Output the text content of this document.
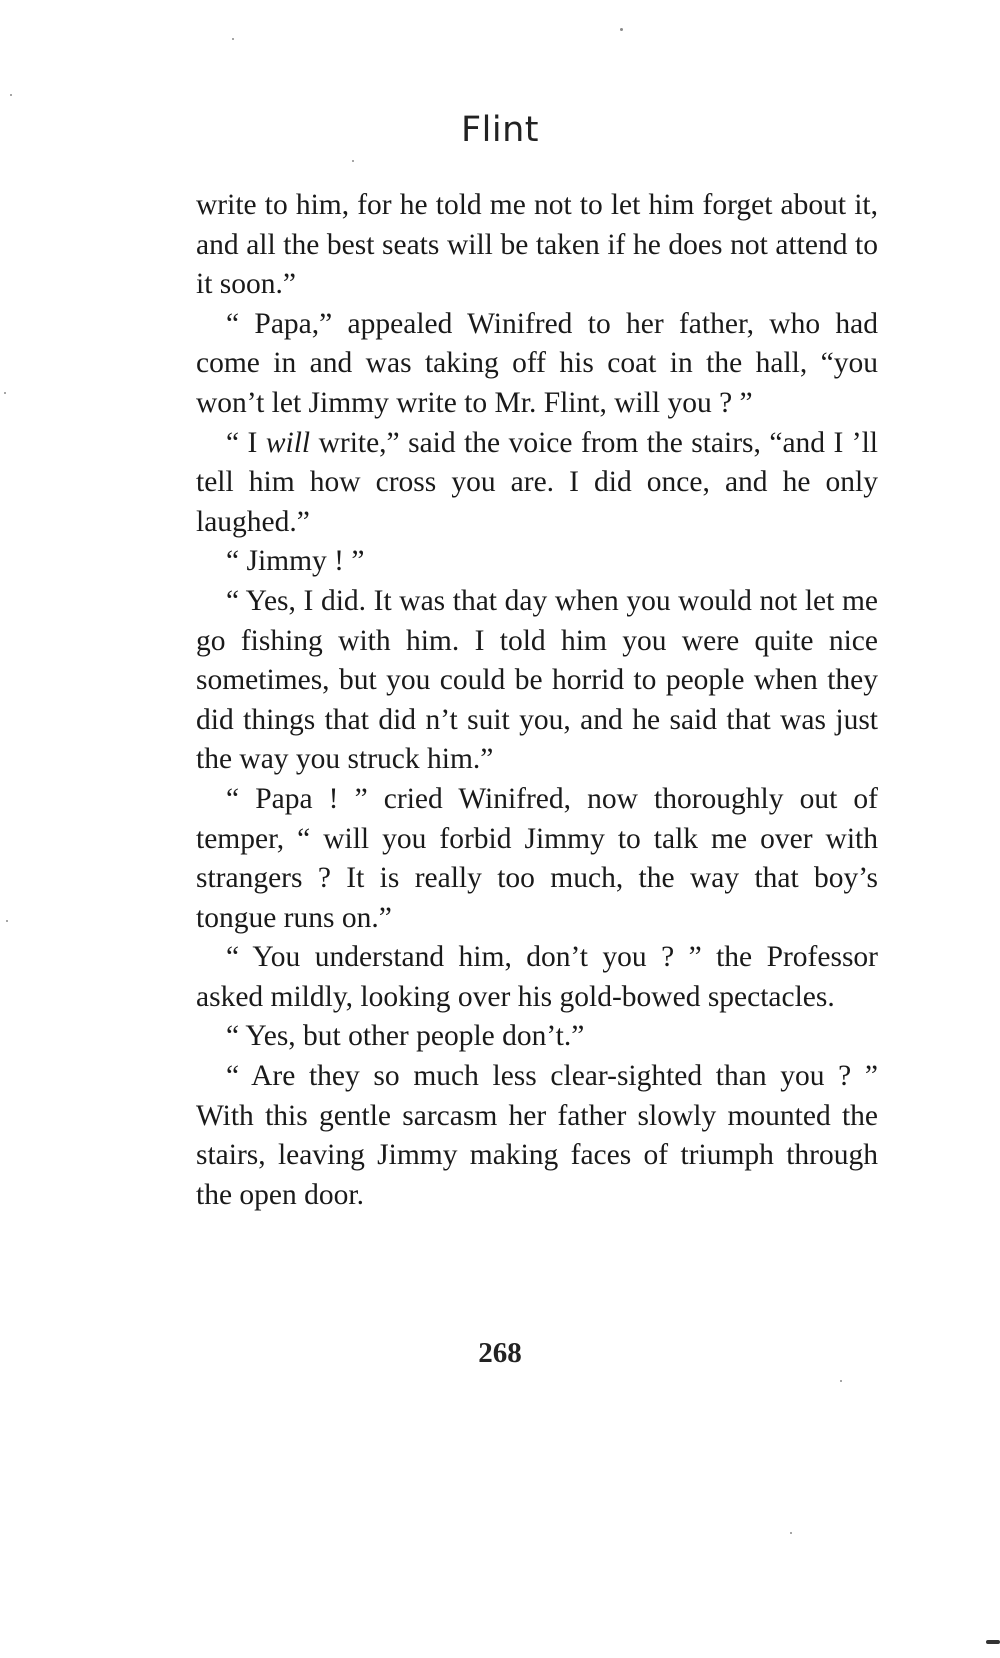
Flint

write to him, for he told me not to let him forget about it, and all the best seats will be taken if he does not attend to it soon.”

“ Papa,” appealed Winifred to her father, who had come in and was taking off his coat in the hall, “you won’t let Jimmy write to Mr. Flint, will you ? ”

“ I will write,” said the voice from the stairs, “and I ’ll tell him how cross you are. I did once, and he only laughed.”

“ Jimmy ! ”

“ Yes, I did. It was that day when you would not let me go fishing with him. I told him you were quite nice sometimes, but you could be horrid to people when they did things that did n’t suit you, and he said that was just the way you struck him.”

“ Papa ! ” cried Winifred, now thoroughly out of temper, “ will you forbid Jimmy to talk me over with strangers ? It is really too much, the way that boy’s tongue runs on.”

“ You understand him, don’t you ? ” the Professor asked mildly, looking over his gold-bowed spectacles.

“ Yes, but other people don’t.”

“ Are they so much less clear-sighted than you ? ” With this gentle sarcasm her father slowly mounted the stairs, leaving Jimmy making faces of triumph through the open door.

268
